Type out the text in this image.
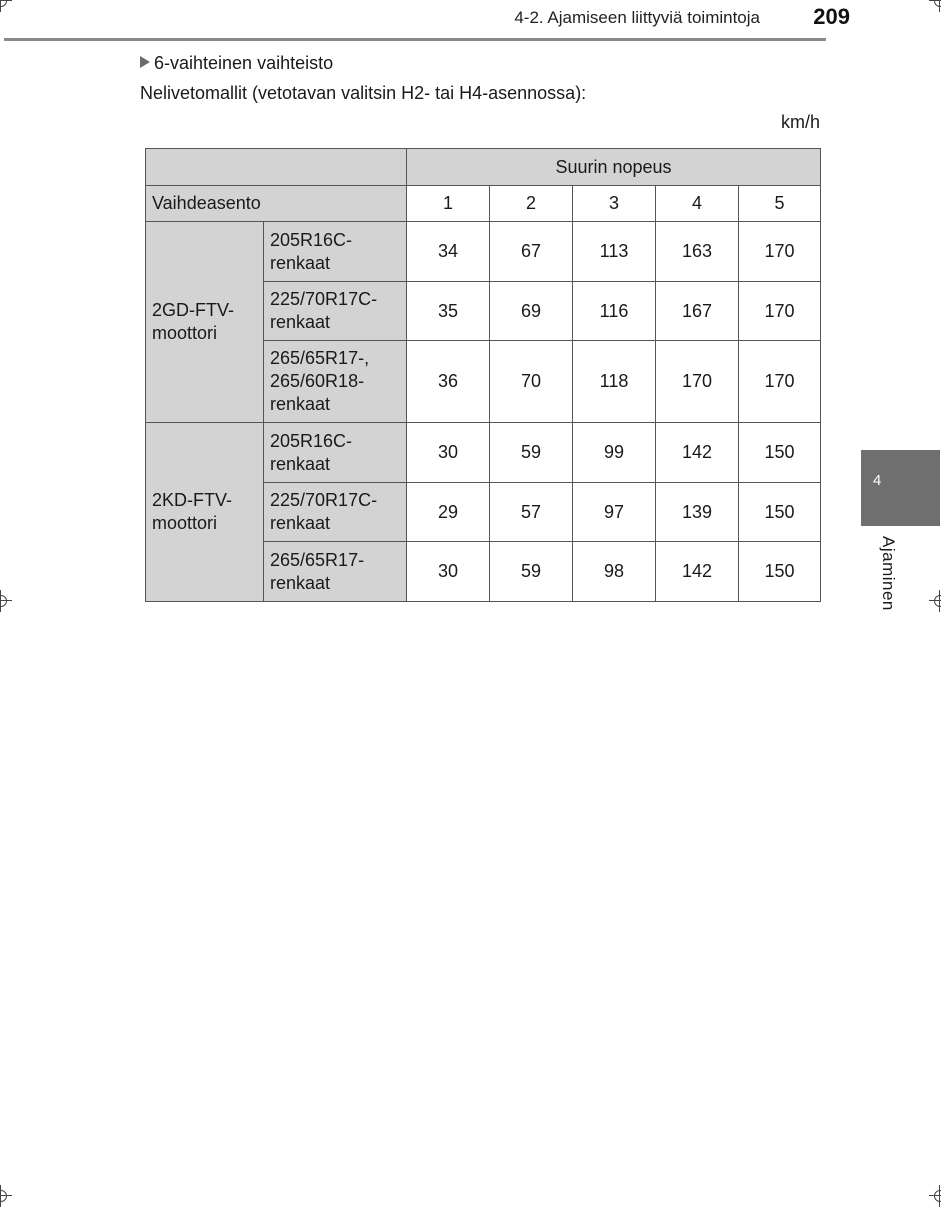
4-2. Ajamiseen liittyviä toimintoja	209
6-vaihteinen vaihteisto
Nelivetomallit (vetotavan valitsin H2- tai H4-asennossa):
km/h
		Suurin nopeus				
Vaihdeasento		1	2	3	4	5

2GD-FTV-
moottori	205R16C-
renkaat	34	67	113	163	170
	225/70R17C-
renkaat	35	69	116	167	170
	265/65R17-,
265/60R18-
renkaat	36	70	118	170	170

2KD-FTV-
moottori	205R16C-
renkaat	30	59	99	142	150
	225/70R17C-
renkaat	29	57	97	139	150
	265/65R17-
renkaat	30	59	98	142	150
4
Ajaminen
